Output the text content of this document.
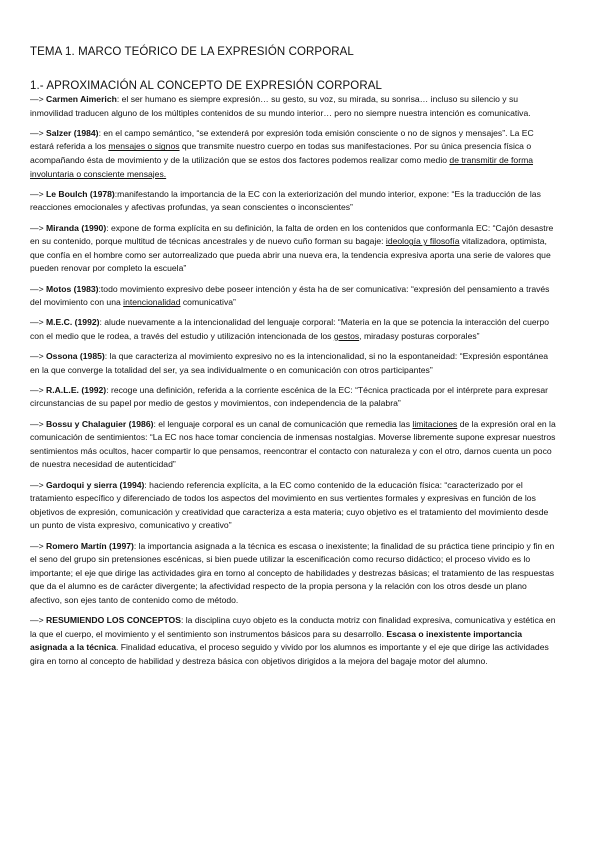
TEMA 1. MARCO TEÓRICO DE LA EXPRESIÓN CORPORAL
1.- APROXIMACIÓN AL CONCEPTO DE EXPRESIÓN CORPORAL

—> Carmen Aimerich: el ser humano es siempre expresión… su gesto, su voz, su mirada, su sonrisa… incluso su silencio y su inmovilidad traducen alguno de los múltiples contenidos de su mundo interior… pero no siempre nuestra intención es comunicativa.

—> Salzer (1984): en el campo semántico, “se extenderá por expresión toda emisión consciente o no de signos y mensajes”. La EC estará referida a los mensajes o signos que transmite nuestro cuerpo en todas sus manifestaciones. Por su única presencia física o acompañando ésta de movimiento y de la utilización que se estos dos factores podemos realizar como medio de transmitir de forma involuntaria o consciente mensajes.

—> Le Boulch (1978):manifestando la importancia de la EC con la exteriorización del mundo interior, expone: “Es la traducción de las reacciones emocionales y afectivas profundas, ya sean conscientes o inconscientes”

—> Miranda (1990): expone de forma explícita en su definición, la falta de orden en los contenidos que conformanla EC: “Cajón desastre en su contenido, porque multitud de técnicas ancestrales y de nuevo cuño forman su bagaje: ideología y filosofía vitalizadora, optimista, que confía en el hombre como ser autorrealizado que pueda abrir una nueva era, la tendencia expresiva aporta una serie de valores que pueden renovar por completo la escuela”

—> Motos (1983):todo movimiento expresivo debe poseer intención y ésta ha de ser comunicativa: “expresión del pensamiento a través del movimiento con una intencionalidad comunicativa”

—> M.E.C. (1992): alude nuevamente a la intencionalidad del lenguaje corporal: “Materia en la que se potencia la interacción del cuerpo con el medio que le rodea, a través del estudio y utilización intencionada de los gestos, miradasy posturas corporales”

—> Ossona (1985): la que caracteriza al movimiento expresivo no es la intencionalidad, si no la espontaneidad: “Expresión espontánea en la que converge la totalidad del ser, ya sea individualmente o en comunicación con otros participantes”

—> R.A.L.E. (1992): recoge una definición, referida a la corriente escénica de la EC: “Técnica practicada por el intérprete para expresar circunstancias de su papel por medio de gestos y movimientos, con independencia de la palabra”

—> Bossu y Chalaguier (1986): el lenguaje corporal es un canal de comunicación que remedia las limitaciones de la expresión oral en la comunicación de sentimientos: “La EC nos hace tomar conciencia de inmensas nostalgias. Moverse libremente supone expresar nuestros sentimientos más ocultos, hacer compartir lo que pensamos, reencontrar el contacto con naturaleza y con el otro, darnos cuenta un poco de nuestra necesidad de autenticidad”

—> Gardoqui y sierra (1994): haciendo referencia explícita, a la EC como contenido de la educación física: “caracterizado por el tratamiento específico y diferenciado de todos los aspectos del movimiento en sus vertientes formales y expresivas en función de los objetivos de expresión, comunicación y creatividad que caracteriza a esta materia; cuyo objetivo es el tratamiento del movimiento desde un punto de vista expresivo, comunicativo y creativo”

—> Romero Martín (1997): la importancia asignada a la técnica es escasa o inexistente; la finalidad de su práctica tiene principio y fin en el seno del grupo sin pretensiones escénicas, si bien puede utilizar la escenificación como recurso didáctico; el proceso vivido es lo importante; el eje que dirige las actividades gira en torno al concepto de habilidades y destrezas básicas; el tratamiento de las respuestas que da el alumno es de carácter divergente; la afectividad respecto de la propia persona y la relación con los otros desde un plano afectivo, son ejes tanto de contenido como de método.

—> RESUMIENDO LOS CONCEPTOS: la disciplina cuyo objeto es la conducta motriz con finalidad expresiva, comunicativa y estética en la que el cuerpo, el movimiento y el sentimiento son instrumentos básicos para su desarrollo. Escasa o inexistente importancia asignada a la técnica. Finalidad educativa, el proceso seguido y vivido por los alumnos es importante y el eje que dirige las actividades gira en torno al concepto de habilidad y destreza básica con objetivos dirigidos a la mejora del bagaje motor del alumno.
